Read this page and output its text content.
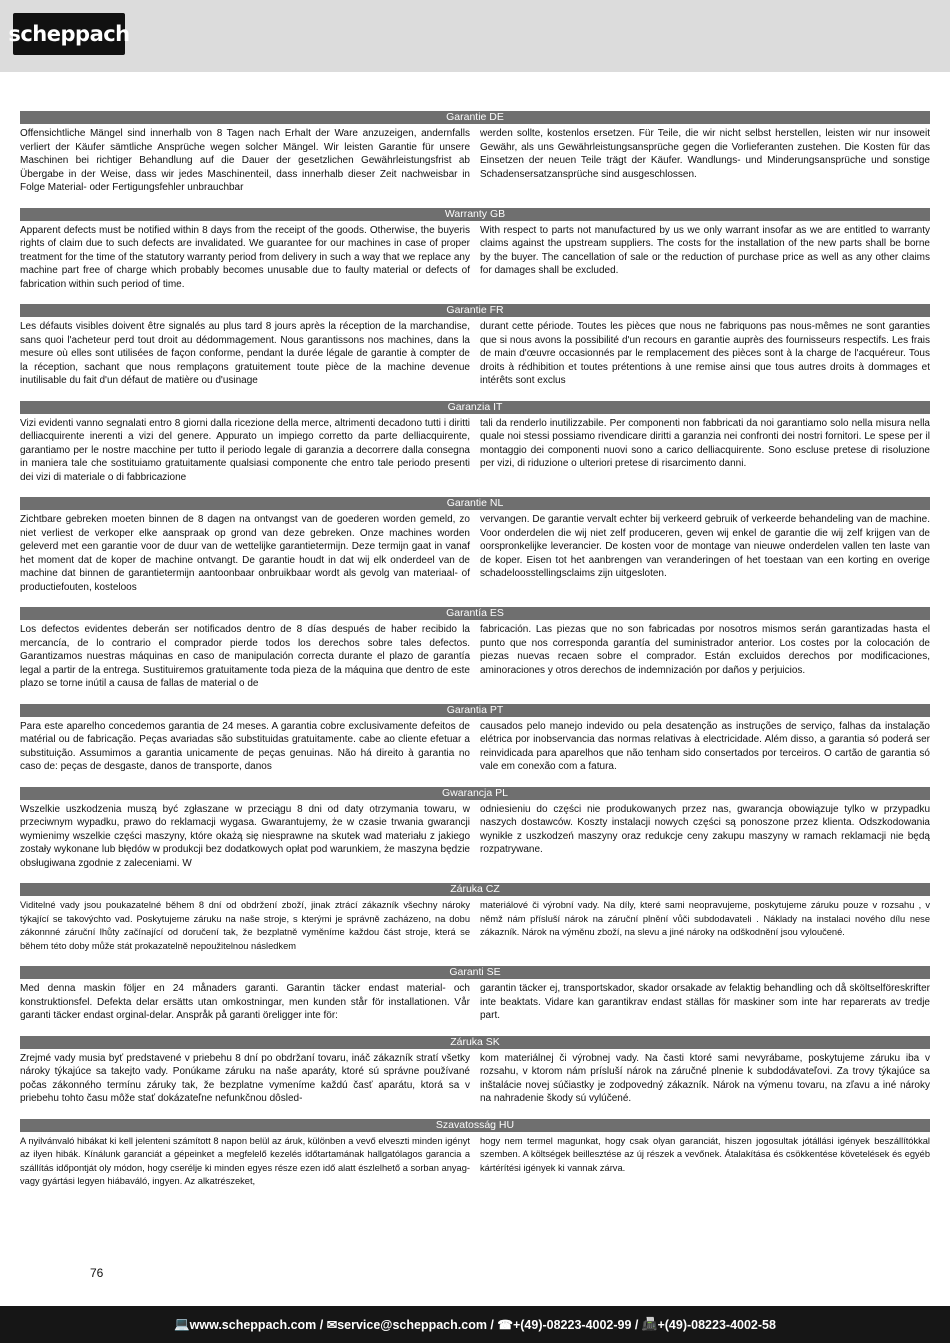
scheppach
Garantie DE
Offensichtliche Mängel sind innerhalb von 8 Tagen nach Erhalt der Ware anzuzeigen, andernfalls verliert der Käufer sämtliche Ansprüche wegen solcher Mängel. Wir leisten Garantie für unsere Maschinen bei richtiger Behandlung auf die Dauer der gesetzlichen Gewährleistungsfrist ab Übergabe in der Weise, dass wir jedes Maschinenteil, dass innerhalb dieser Zeit nachweisbar in Folge Material- oder Fertigungsfehler unbrauchbar
werden sollte, kostenlos ersetzen. Für Teile, die wir nicht selbst herstellen, leisten wir nur insoweit Gewähr, als uns Gewährleistungsansprüche gegen die Vorlieferanten zustehen. Die Kosten für das Einsetzen der neuen Teile trägt der Käufer. Wandlungs- und Minderungsansprüche und sonstige Schadensersatzansprüche sind ausgeschlossen.
Warranty GB
Apparent defects must be notified within 8 days from the receipt of the goods. Otherwise, the buyeris rights of claim due to such defects are invalidated. We guarantee for our machines in case of proper treatment for the time of the statutory warranty period from delivery in such a way that we replace any machine part free of charge which probably becomes unusable due to faulty material or defects of fabrication within such period of time.
With respect to parts not manufactured by us we only warrant insofar as we are entitled to warranty claims against the upstream suppliers. The costs for the installation of the new parts shall be borne by the buyer. The cancellation of sale or the reduction of purchase price as well as any other claims for damages shall be excluded.
Garantie FR
Les défauts visibles doivent être signalés au plus tard 8 jours après la réception de la marchandise, sans quoi l'acheteur perd tout droit au dédommagement. Nous garantissons nos machines, dans la mesure où elles sont utilisées de façon conforme, pendant la durée légale de garantie à compter de la réception, sachant que nous remplaçons gratuitement toute pièce de la machine devenue inutilisable du fait d'un défaut de matière ou d'usinage
durant cette période. Toutes les pièces que nous ne fabriquons pas nous-mêmes ne sont garanties que si nous avons la possibilité d'un recours en garantie auprès des fournisseurs respectifs. Les frais de main d'œuvre occasionnés par le remplacement des pièces sont à la charge de l'acquéreur. Tous droits à rédhibition et toutes prétentions à une remise ainsi que tous autres droits à dommages et intérêts sont exclus
Garanzia IT
Vizi evidenti vanno segnalati entro 8 giorni dalla ricezione della merce, altrimenti decadono tutti i diritti delliacquirente inerenti a vizi del genere. Appurato un impiego corretto da parte delliacquirente, garantiamo per le nostre macchine per tutto il periodo legale di garanzia a decorrere dalla consegna in maniera tale che sostituiamo gratuitamente qualsiasi componente che entro tale periodo presenti dei vizi di materiale o di fabbricazione
tali da renderlo inutilizzabile. Per componenti non fabbricati da noi garantiamo solo nella misura nella quale noi stessi possiamo rivendicare diritti a garanzia nei confronti dei nostri fornitori. Le spese per il montaggio dei componenti nuovi sono a carico delliacquirente. Sono escluse pretese di risoluzione per vizi, di riduzione o ulteriori pretese di risarcimento danni.
Garantie NL
Zichtbare gebreken moeten binnen de 8 dagen na ontvangst van de goederen worden gemeld, zo niet verliest de verkoper elke aanspraak op grond van deze gebreken. Onze machines worden geleverd met een garantie voor de duur van de wettelijke garantietermijn. Deze termijn gaat in vanaf het moment dat de koper de machine ontvangt. De garantie houdt in dat wij elk onderdeel van de machine dat binnen de garantietermijn aantoonbaar onbruikbaar wordt als gevolg van materiaal- of productiefouten, kosteloos
vervangen. De garantie vervalt echter bij verkeerd gebruik of verkeerde behandeling van de machine. Voor onderdelen die wij niet zelf produceren, geven wij enkel de garantie die wij zelf krijgen van de oorspronkelijke leverancier. De kosten voor de montage van nieuwe onderdelen vallen ten laste van de koper. Eisen tot het aanbrengen van veranderingen of het toestaan van een korting en overige schadeloosstellingsclaims zijn uitgesloten.
Garantía ES
Los defectos evidentes deberán ser notificados dentro de 8 días después de haber recibido la mercancía, de lo contrario el comprador pierde todos los derechos sobre tales defectos. Garantizamos nuestras máquinas en caso de manipulación correcta durante el plazo de garantía legal a partir de la entrega. Sustituiremos gratuitamente toda pieza de la máquina que dentro de este plazo se torne inútil a causa de fallas de material o de
fabricación. Las piezas que no son fabricadas por nosotros mismos serán garantizadas hasta el punto que nos corresponda garantía del suministrador anterior. Los costes por la colocación de piezas nuevas recaen sobre el comprador. Están excluidos derechos por modificaciones, aminoraciones y otros derechos de indemnización por daños y perjuicios.
Garantia PT
Para este aparelho concedemos garantia de 24 meses. A garantia cobre exclusivamente defeitos de matérial ou de fabricação. Peças avariadas são substituidas gratuitamente. cabe ao cliente efetuar a substituição. Assumimos a garantia unicamente de peças genuinas. Não há direito à garantia no caso de: peças de desgaste, danos de transporte, danos
causados pelo manejo indevido ou pela desatenção as instruções de serviço, falhas da instalação elétrica por inobservancia das normas relativas à electricidade. Além disso, a garantia só poderá ser reinvidicada para aparelhos que não tenham sido consertados por terceiros. O cartão de garantia só vale em conexão com a fatura.
Gwarancja PL
Wszelkie uszkodzenia muszą być zgłaszane w przeciągu 8 dni od daty otrzymania towaru, w przeciwnym wypadku, prawo do reklamacji wygasa. Gwarantujemy, że w czasie trwania gwarancji wymienimy wszelkie części maszyny, które okażą się niesprawne na skutek wad materiału z jakiego zostały wykonane lub błędów w produkcji bez dodatkowych opłat pod warunkiem, że maszyna będzie obsługiwana zgodnie z zaleceniami. W
odniesieniu do części nie produkowanych przez nas, gwarancja obowiązuje tylko w przypadku naszych dostawców. Koszty instalacji nowych części są ponoszone przez klienta. Odszkodowania wynikłe z uszkodzeń maszyny oraz redukcje ceny zakupu maszyny w ramach reklamacji nie będą rozpatrywane.
Záruka CZ
Viditelné vady jsou poukazatelné během 8 dní od obdržení zboží, jinak ztrácí zákazník všechny nároky týkající se takovýchto vad. Poskytujeme záruku na naše stroje, s kterými je správně zacházeno, na dobu zákonnné záruční lhůty začínající od doručení tak, že bezplatně vyměníme každou část stroje, která se během této doby může stát prokazatelně nepoužitelnou následkem
materiálové či výrobní vady. Na díly, které sami neopravujeme, poskytujeme záruku pouze v rozsahu , v němž nám přísluší nárok na záruční plnění vůči subdodavateli . Náklady na instalaci nového dílu nese zákazník. Nárok na výměnu zboží, na slevu a jiné nároky na odškodnění jsou vyloučené.
Garanti SE
Med denna maskin följer en 24 månaders garanti. Garantin täcker endast material- och konstruktionsfel. Defekta delar ersätts utan omkostningar, men kunden står för installationen. Vår garanti täcker endast orginal-delar. Anspråk på garanti öreligger inte för:
garantin täcker ej, transportskador, skador orsakade av felaktig behandling och då sköltselföreskrifter inte beaktats. Vidare kan garantikrav endast ställas för maskiner som inte har reparerats av tredje part.
Záruka SK
Zrejmé vady musia byť predstavené v priebehu 8 dní po obdržaní tovaru, ináč zákazník stratí všetky nároky týkajúce sa takejto vady. Ponúkame záruku na naše aparáty, ktoré sú správne používané počas zákonného termínu záruky tak, že bezplatne vymeníme každú časť aparátu, ktorá sa v priebehu tohto času môže stať dokázateľne nefunkčnou dôsled-
kom materiálnej či výrobnej vady. Na časti ktoré sami nevyrábame, poskytujeme záruku iba v rozsahu, v ktorom nám prísluší nárok na záručné plnenie k subdodávateľovi. Za trovy týkajúce sa inštalácie novej súčiastky je zodpovedný zákazník. Nárok na výmenu tovaru, na zľavu a iné nároky na nahradenie škody sú vylúčené.
Szavatosság HU
A nyilvánvaló hibákat ki kell jelenteni számított 8 napon belül az áruk, különben a vevő elveszti minden igényt az ilyen hibák. Kínálunk garanciát a gépeinket a megfelelő kezelés időtartamának hallgatólagos garancia a szállítás időpontját oly módon, hogy cserélje ki minden egyes része ezen idő alatt észlelhető a sorban anyag-vagy gyártási legyen hiábaváló, ingyen. Az alkatrészeket,
hogy nem termel magunkat, hogy csak olyan garanciát, hiszen jogosultak jótállási igények beszállítókkal szemben. A költségek beillesztése az új részek a vevőnek. Átalakítása és csökkentése követelések és egyéb kártérítési igények ki vannak zárva.
76
💻 www.scheppach.com / ✉ service@scheppach.com / ☎ +(49)-08223-4002-99 / 📠 +(49)-08223-4002-58
